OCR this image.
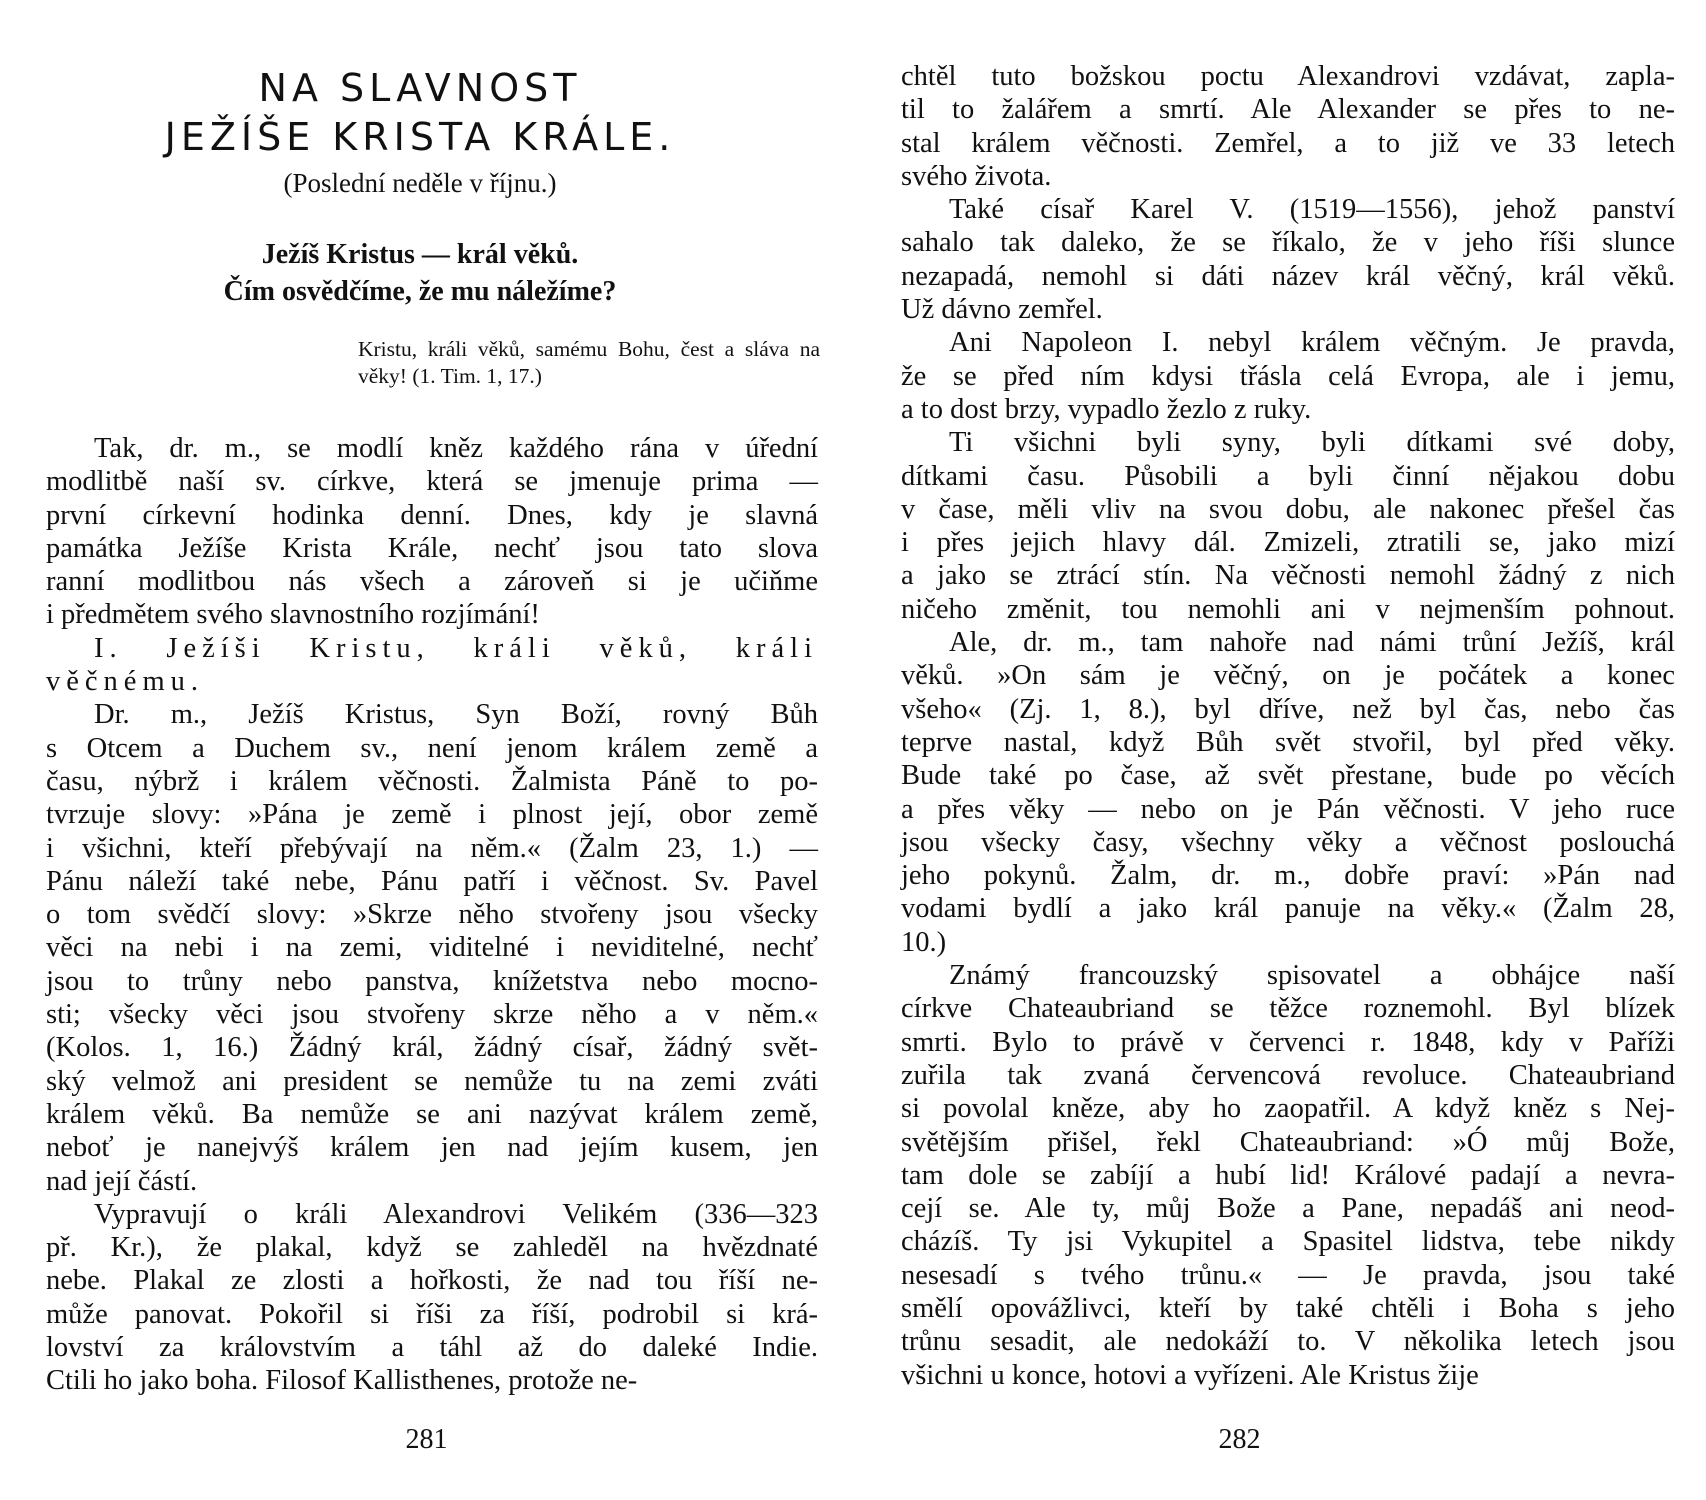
NA SLAVNOST
JEŽÍŠE KRISTA KRÁLE.
(Poslední neděle v říjnu.)
Ježíš Kristus — král věků.
Čím osvědčíme, že mu náležíme?
Kristu, králi věků, samému Bohu, čest a sláva na věky! (1. Tim. 1, 17.)
Tak, dr. m., se modlí kněz každého rána v úřední
modlitbě naší sv. církve, která se jmenuje prima —
první církevní hodinka denní. Dnes, kdy je slavná
památka Ježíše Krista Krále, nechť jsou tato slova
ranní modlitbou nás všech a zároveň si je učiňme
i předmětem svého slavnostního rozjímání!
I. Ježíši Kristu, králi věků, králi
věčnému.
Dr. m., Ježíš Kristus, Syn Boží, rovný Bůh
s Otcem a Duchem sv., není jenom králem země a
času, nýbrž i králem věčnosti. Žalmista Páně to po-
tvrzuje slovy: »Pána je země i plnost její, obor země
i všichni, kteří přebývají na něm.« (Žalm 23, 1.) —
Pánu náleží také nebe, Pánu patří i věčnost. Sv. Pavel
o tom svědčí slovy: »Skrze něho stvořeny jsou všecky
věci na nebi i na zemi, viditelné i neviditelné, nechť
jsou to trůny nebo panstva, knížetstva nebo mocno-
sti; všecky věci jsou stvořeny skrze něho a v něm.«
(Kolos. 1, 16.) Žádný král, žádný císař, žádný svět-
ský velmož ani president se nemůže tu na zemi zváti
králem věků. Ba nemůže se ani nazývat králem země,
neboť je nanejvýš králem jen nad jejím kusem, jen
nad její částí.
Vypravují o králi Alexandrovi Velikém (336—323
př. Kr.), že plakal, když se zahleděl na hvězdnaté
nebe. Plakal ze zlosti a hořkosti, že nad tou říší ne-
může panovat. Pokořil si říši za říší, podrobil si krá-
lovství za královstvím a táhl až do daleké Indie.
Ctili ho jako boha. Filosof Kallisthenes, protože ne-
281
chtěl tuto božskou poctu Alexandrovi vzdávat, zapla-
til to žalářem a smrtí. Ale Alexander se přes to ne-
stal králem věčnosti. Zemřel, a to již ve 33 letech
svého života.
Také císař Karel V. (1519—1556), jehož panství
sahalo tak daleko, že se říkalo, že v jeho říši slunce
nezapadá, nemohl si dáti název král věčný, král věků.
Už dávno zemřel.
Ani Napoleon I. nebyl králem věčným. Je pravda,
že se před ním kdysi třásla celá Evropa, ale i jemu,
a to dost brzy, vypadlo žezlo z ruky.
Ti všichni byli syny, byli dítkami své doby,
dítkami času. Působili a byli činní nějakou dobu
v čase, měli vliv na svou dobu, ale nakonec přešel čas
i přes jejich hlavy dál. Zmizeli, ztratili se, jako mizí
a jako se ztrácí stín. Na věčnosti nemohl žádný z nich
ničeho změnit, tou nemohli ani v nejmenším pohnout.
Ale, dr. m., tam nahoře nad námi trůní Ježíš, král
věků. »On sám je věčný, on je počátek a konec
všeho« (Zj. 1, 8.), byl dříve, než byl čas, nebo čas
teprve nastal, když Bůh svět stvořil, byl před věky.
Bude také po čase, až svět přestane, bude po věcích
a přes věky — nebo on je Pán věčnosti. V jeho ruce
jsou všecky časy, všechny věky a věčnost poslouchá
jeho pokynů. Žalm, dr. m., dobře praví: »Pán nad
vodami bydlí a jako král panuje na věky.« (Žalm 28,
10.)
Známý francouzský spisovatel a obhájce naší
církve Chateaubriand se těžce roznemohl. Byl blízek
smrti. Bylo to právě v červenci r. 1848, kdy v Paříži
zuřila tak zvaná červencová revoluce. Chateaubriand
si povolal kněze, aby ho zaopatřil. A když kněz s Nej-
světějším přišel, řekl Chateaubriand: »Ó můj Bože,
tam dole se zabíjí a hubí lid! Králové padají a nevra-
cejí se. Ale ty, můj Bože a Pane, nepadáš ani neod-
cházíš. Ty jsi Vykupitel a Spasitel lidstva, tebe nikdy
nesesadí s tvého trůnu.« — Je pravda, jsou také
smělí opovážlivci, kteří by také chtěli i Boha s jeho
trůnu sesadit, ale nedokáží to. V několika letech jsou
všichni u konce, hotovi a vyřízeni. Ale Kristus žije
282
